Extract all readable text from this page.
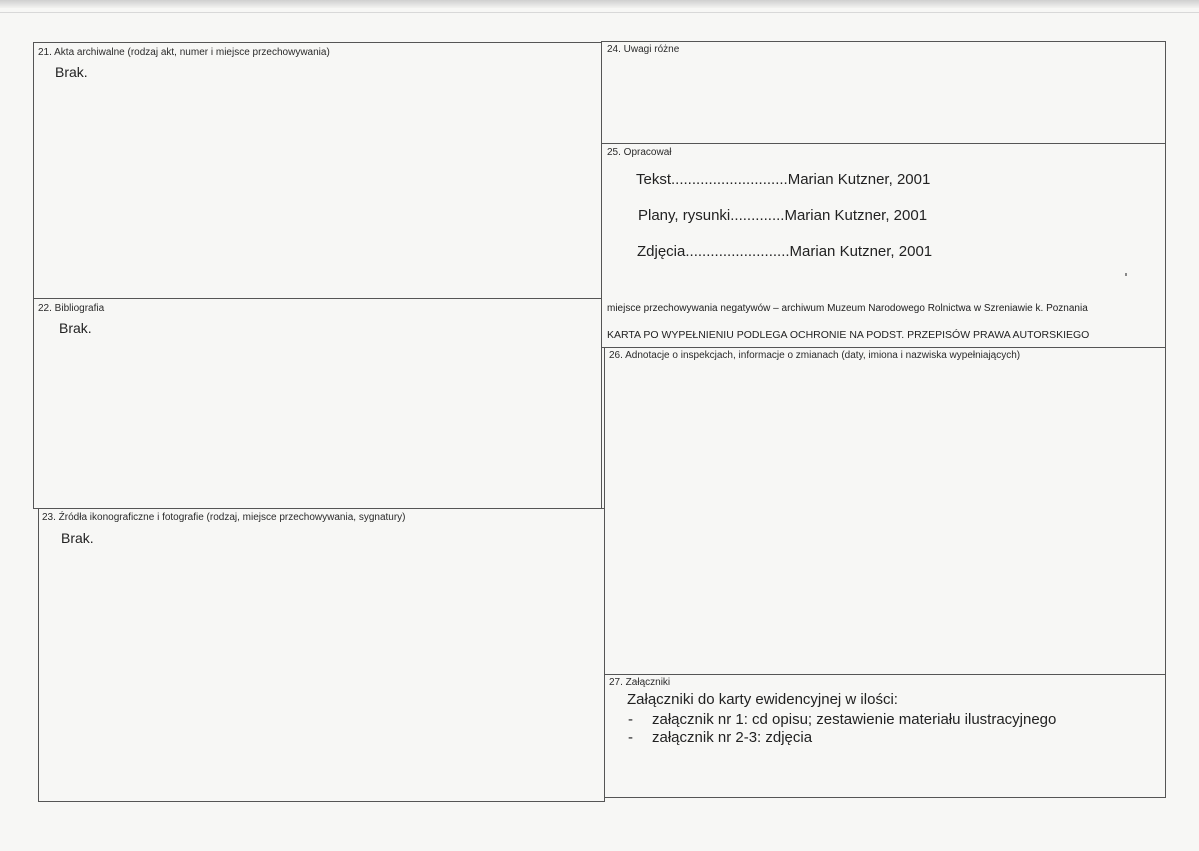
21. Akta archiwalne (rodzaj akt, numer i miejsce przechowywania)
Brak.
22. Bibliografia
Brak.
23. Źródła ikonograficzne i fotografie (rodzaj, miejsce przechowywania, sygnatury)
Brak.
24. Uwagi różne
25. Opracował
Tekst............................Marian Kutzner, 2001
Plany, rysunki.............Marian Kutzner, 2001
Zdjęcia.........................Marian Kutzner, 2001
miejsce przechowywania negatywów – archiwum Muzeum Narodowego Rolnictwa w Szreniawie k. Poznania
KARTA PO WYPEŁNIENIU PODLEGA OCHRONIE NA PODST. PRZEPISÓW PRAWA AUTORSKIEGO
26. Adnotacje o inspekcjach, informacje o zmianach (daty, imiona i nazwiska wypełniających)
27. Załączniki
Załączniki do karty ewidencyjnej w ilości:
- załącznik nr 1: cd opisu; zestawienie materiału ilustracyjnego
- załącznik nr 2-3: zdjęcia
